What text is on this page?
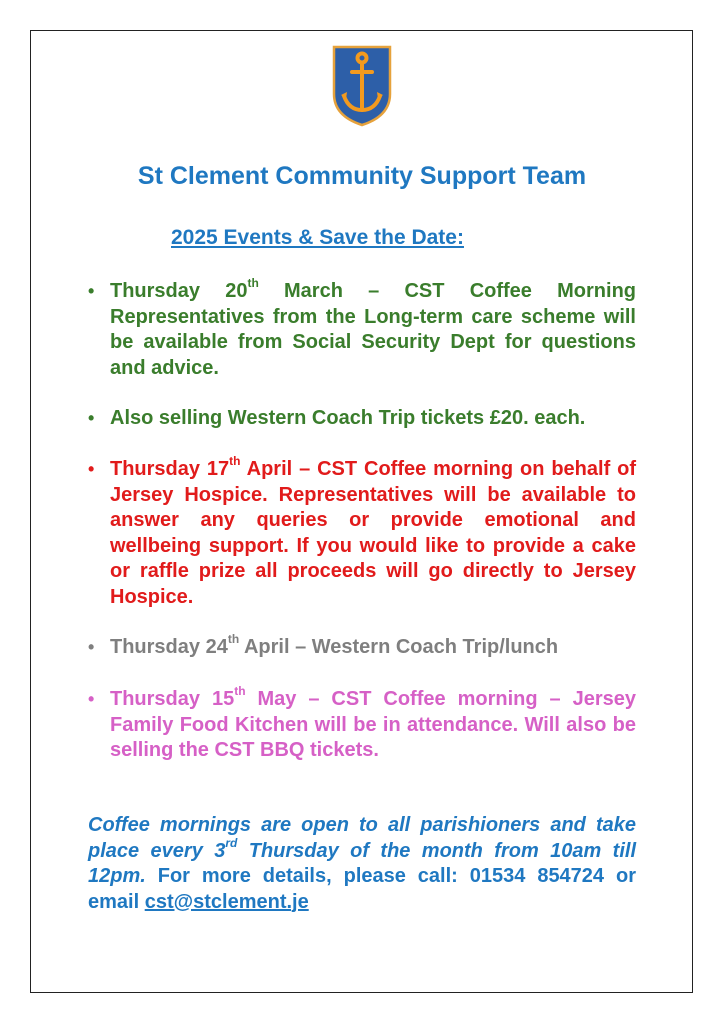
St Clement Community Support Team
2025 Events & Save the Date:

• Thursday 20th March – CST Coffee Morning Representatives from the Long-term care scheme will be available from Social Security Dept for questions and advice.

• Also selling Western Coach Trip tickets £20. each.

• Thursday 17th April – CST Coffee morning on behalf of Jersey Hospice. Representatives will be available to answer any queries or provide emotional and wellbeing support. If you would like to provide a cake or raffle prize all proceeds will go directly to Jersey Hospice.

• Thursday 24th April – Western Coach Trip/lunch

• Thursday 15th May – CST Coffee morning – Jersey Family Food Kitchen will be in attendance. Will also be selling the CST BBQ tickets.

Coffee mornings are open to all parishioners and take place every 3rd Thursday of the month from 10am till 12pm. For more details, please call: 01534 854724 or email cst@stclement.je
